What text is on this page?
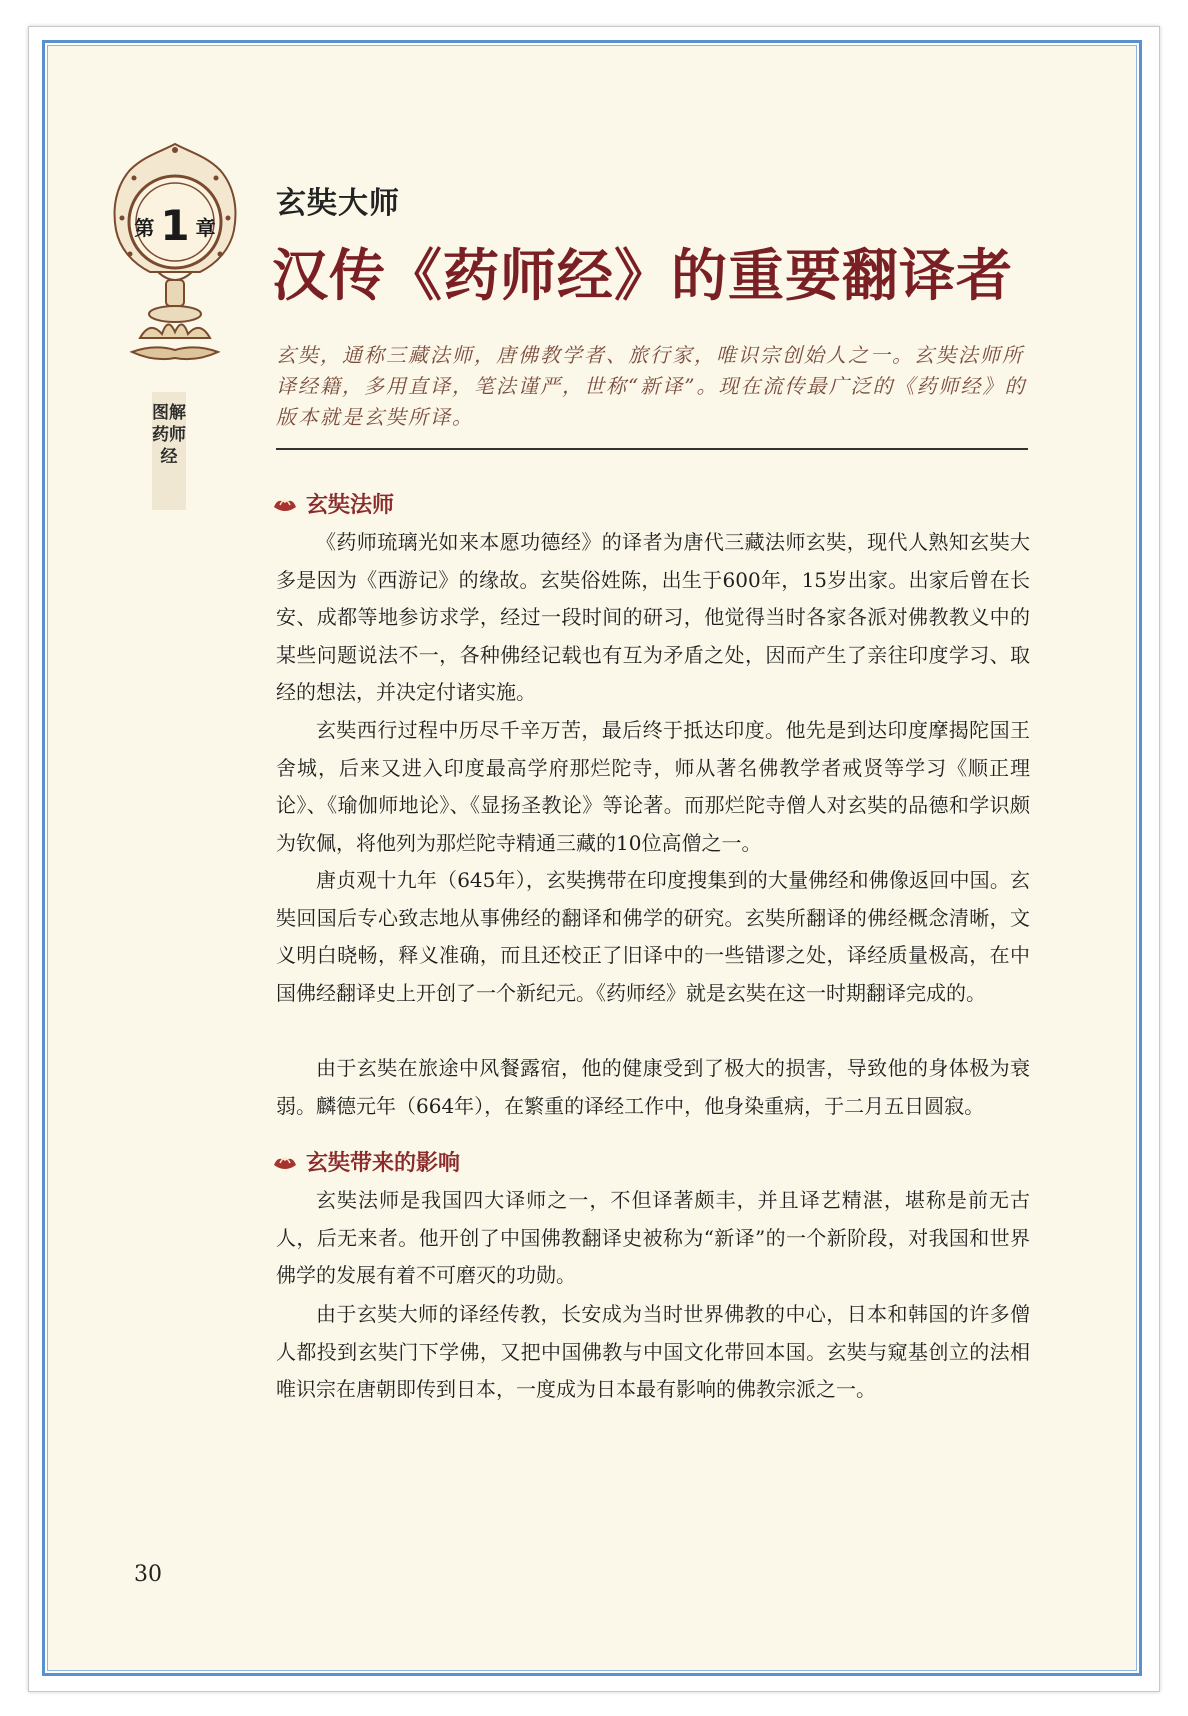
第 1 章
图解药师经
玄奘大师
汉传《药师经》的重要翻译者
玄奘，通称三藏法师，唐佛教学者、旅行家，唯识宗创始人之一。玄奘法师所译经籍，多用直译，笔法谨严，世称“新译”。现在流传最广泛的《药师经》的版本就是玄奘所译。
玄奘法师

《药师琉璃光如来本愿功德经》的译者为唐代三藏法师玄奘，现代人熟知玄奘大多是因为《西游记》的缘故。玄奘俗姓陈，出生于600年，15岁出家。出家后曾在长安、成都等地参访求学，经过一段时间的研习，他觉得当时各家各派对佛教教义中的某些问题说法不一，各种佛经记载也有互为矛盾之处，因而产生了亲往印度学习、取经的想法，并决定付诸实施。

玄奘西行过程中历尽千辛万苦，最后终于抵达印度。他先是到达印度摩揭陀国王舍城，后来又进入印度最高学府那烂陀寺，师从著名佛教学者戒贤等学习《顺正理论》、《瑜伽师地论》、《显扬圣教论》等论著。而那烂陀寺僧人对玄奘的品德和学识颇为钦佩，将他列为那烂陀寺精通三藏的10位高僧之一。

唐贞观十九年（645年），玄奘携带在印度搜集到的大量佛经和佛像返回中国。玄奘回国后专心致志地从事佛经的翻译和佛学的研究。玄奘所翻译的佛经概念清晰，文义明白晓畅，释义准确，而且还校正了旧译中的一些错谬之处，译经质量极高，在中国佛经翻译史上开创了一个新纪元。《药师经》就是玄奘在这一时期翻译完成的。

由于玄奘在旅途中风餐露宿，他的健康受到了极大的损害，导致他的身体极为衰弱。麟德元年（664年），在繁重的译经工作中，他身染重病，于二月五日圆寂。

玄奘带来的影响

玄奘法师是我国四大译师之一，不但译著颇丰，并且译艺精湛，堪称是前无古人，后无来者。他开创了中国佛教翻译史被称为“新译”的一个新阶段，对我国和世界佛学的发展有着不可磨灭的功勋。

由于玄奘大师的译经传教，长安成为当时世界佛教的中心，日本和韩国的许多僧人都投到玄奘门下学佛，又把中国佛教与中国文化带回本国。玄奘与窥基创立的法相唯识宗在唐朝即传到日本，一度成为日本最有影响的佛教宗派之一。

30
